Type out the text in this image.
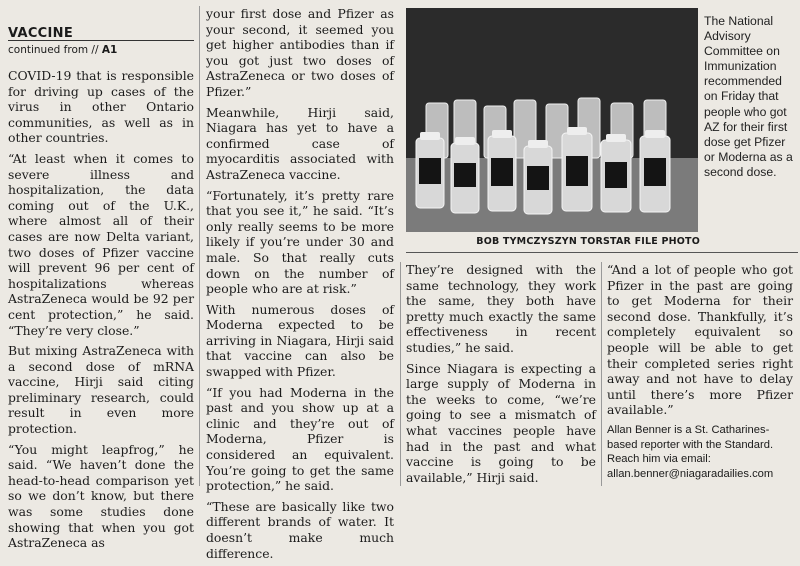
VACCINE
continued from // A1

COVID-19 that is responsible for driving up cases of the virus in other Ontario communities, as well as in other countries.

“At least when it comes to severe illness and hospitalization, the data coming out of the U.K., where almost all of their cases are now Delta variant, two doses of Pfizer vaccine will prevent 96 per cent of hospitalizations whereas AstraZeneca would be 92 per cent protection,” he said. “They’re very close.”

But mixing AstraZeneca with a second dose of mRNA vaccine, Hirji said citing preliminary research, could result in even more protection.

“You might leapfrog,” he said. “We haven’t done the head-to-head comparison yet so we don’t know, but there was some studies done showing that when you got AstraZeneca as

your first dose and Pfizer as your second, it seemed you get higher antibodies than if you got just two doses of AstraZeneca or two doses of Pfizer.”

Meanwhile, Hirji said, Niagara has yet to have a confirmed case of myocarditis associated with AstraZeneca vaccine.

“Fortunately, it’s pretty rare that you see it,” he said. “It’s only really seems to be more likely if you’re under 30 and male. So that really cuts down on the number of people who are at risk.”

With numerous doses of Moderna expected to be arriving in Niagara, Hirji said that vaccine can also be swapped with Pfizer.

“If you had Moderna in the past and you show up at a clinic and they’re out of Moderna, Pfizer is considered an equivalent. You’re going to get the same protection,” he said.

“These are basically like two different brands of water. It doesn’t make much difference.

The National Advisory Committee on Immunization recommended on Friday that people who got AZ for their first dose get Pfizer or Moderna as a second dose.
BOB TYMCZYSZYN TORSTAR FILE PHOTO

They’re designed with the same technology, they work the same, they both have pretty much exactly the same effectiveness in recent studies,” he said.

Since Niagara is expecting a large supply of Moderna in the weeks to come, “we’re going to see a mismatch of what vaccines people have had in the past and what vaccine is going to be available,” Hirji said.

“And a lot of people who got Pfizer in the past are going to get Moderna for their second dose. Thankfully, it’s completely equivalent so people will be able to get their completed series right away and not have to delay until there’s more Pfizer available.”

Allan Benner is a St. Catharines-based reporter with the Standard.
Reach him via email:
allan.benner@niagaradailies.com
